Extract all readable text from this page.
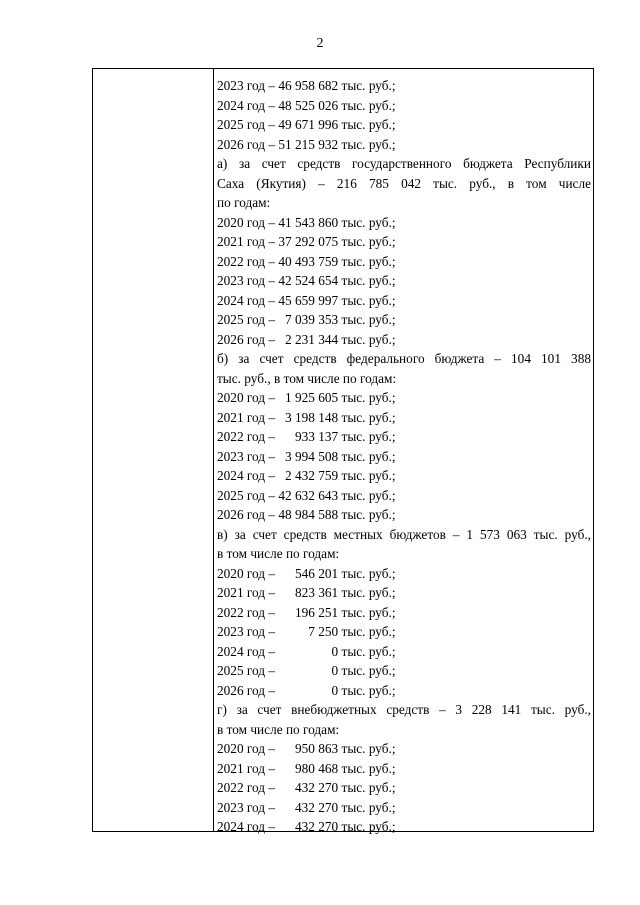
2
2023 год – 46 958 682 тыс. руб.;
2024 год – 48 525 026 тыс. руб.;
2025 год – 49 671 996 тыс. руб.;
2026 год – 51 215 932 тыс. руб.;
а) за счет средств государственного бюджета Республики
Саха (Якутия) – 216 785 042 тыс. руб., в том числе
по годам:
2020 год – 41 543 860 тыс. руб.;
2021 год – 37 292 075 тыс. руб.;
2022 год – 40 493 759 тыс. руб.;
2023 год – 42 524 654 тыс. руб.;
2024 год – 45 659 997 тыс. руб.;
2025 год –   7 039 353 тыс. руб.;
2026 год –   2 231 344 тыс. руб.;
б) за счет средств федерального бюджета – 104 101 388
тыс. руб., в том числе по годам:
2020 год –   1 925 605 тыс. руб.;
2021 год –   3 198 148 тыс. руб.;
2022 год –      933 137 тыс. руб.;
2023 год –   3 994 508 тыс. руб.;
2024 год –   2 432 759 тыс. руб.;
2025 год – 42 632 643 тыс. руб.;
2026 год – 48 984 588 тыс. руб.;
в) за счет средств местных бюджетов – 1 573 063 тыс. руб.,
в том числе по годам:
2020 год –      546 201 тыс. руб.;
2021 год –      823 361 тыс. руб.;
2022 год –      196 251 тыс. руб.;
2023 год –          7 250 тыс. руб.;
2024 год –                 0 тыс. руб.;
2025 год –                 0 тыс. руб.;
2026 год –                 0 тыс. руб.;
г) за счет внебюджетных средств – 3 228 141 тыс. руб.,
в том числе по годам:
2020 год –      950 863 тыс. руб.;
2021 год –      980 468 тыс. руб.;
2022 год –      432 270 тыс. руб.;
2023 год –      432 270 тыс. руб.;
2024 год –      432 270 тыс. руб.;
